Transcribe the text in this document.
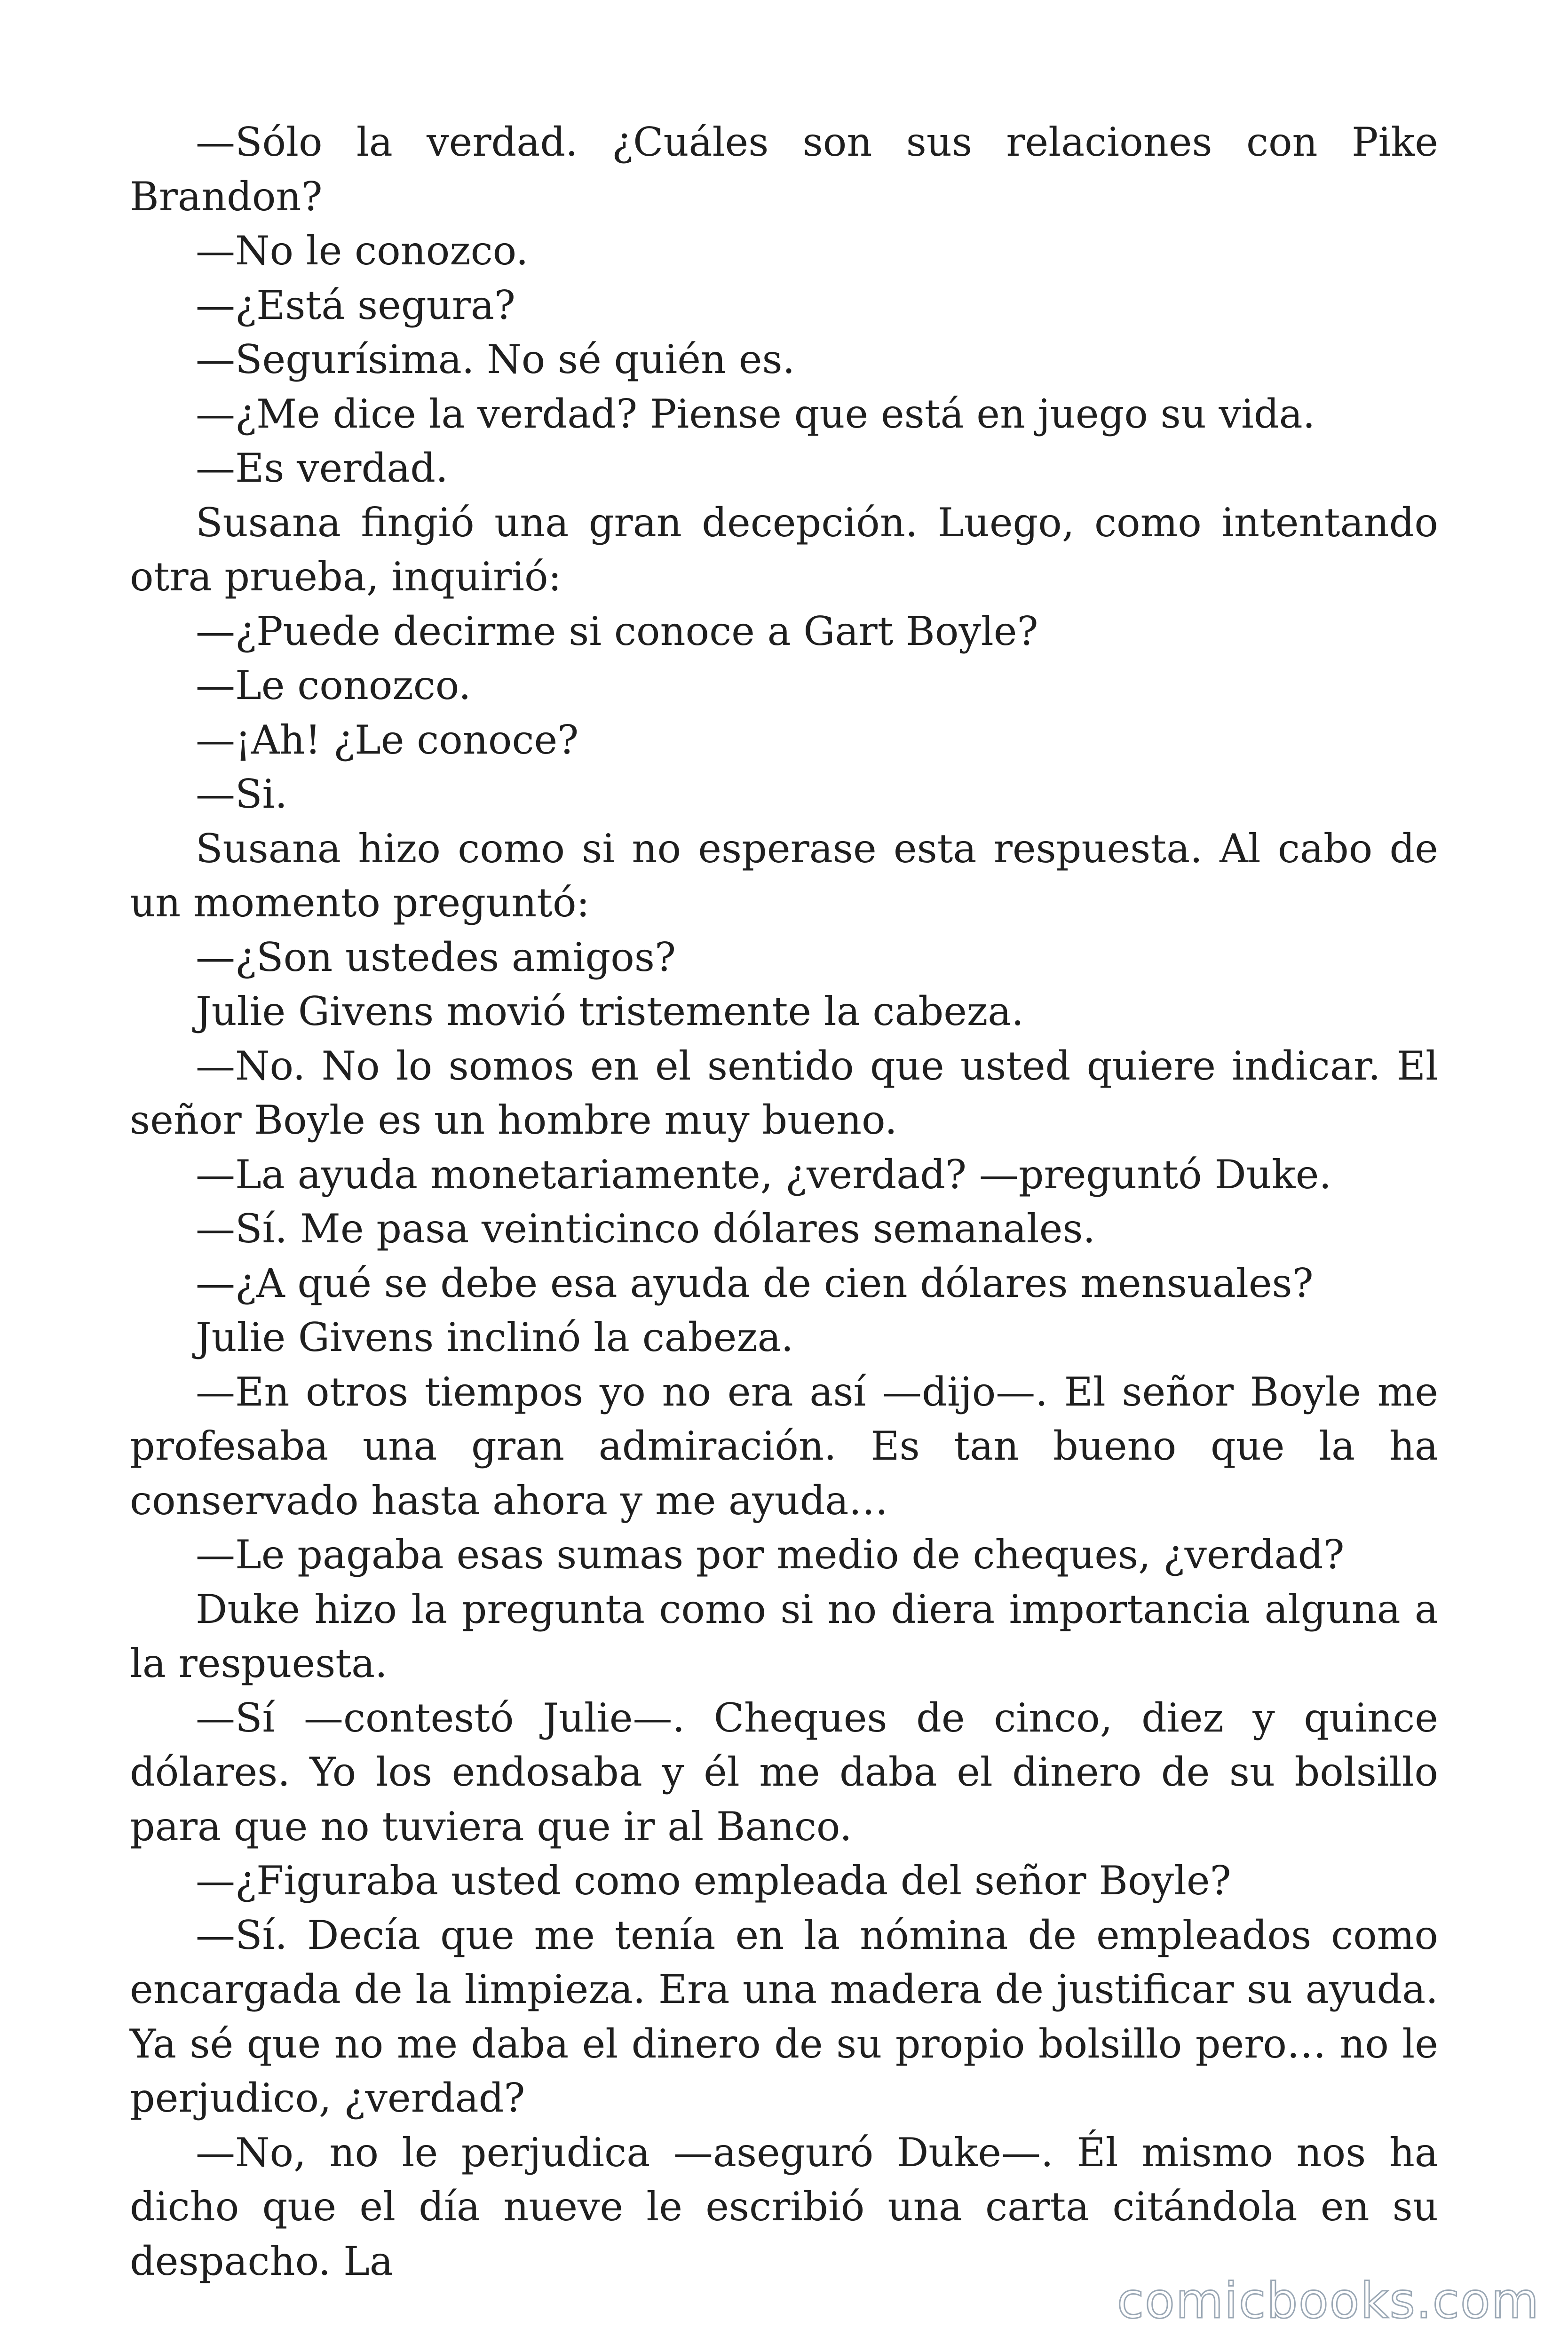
—Sólo la verdad. ¿Cuáles son sus relaciones con Pike Brandon?

—No le conozco.

—¿Está segura?

—Segurísima. No sé quién es.

—¿Me dice la verdad? Piense que está en juego su vida.

—Es verdad.

Susana fingió una gran decepción. Luego, como intentando otra prueba, inquirió:

—¿Puede decirme si conoce a Gart Boyle?

—Le conozco.

—¡Ah! ¿Le conoce?

—Si.

Susana hizo como si no esperase esta respuesta. Al cabo de un momento preguntó:

—¿Son ustedes amigos?

Julie Givens movió tristemente la cabeza.

—No. No lo somos en el sentido que usted quiere indicar. El señor Boyle es un hombre muy bueno.

—La ayuda monetariamente, ¿verdad? —preguntó Duke.

—Sí. Me pasa veinticinco dólares semanales.

—¿A qué se debe esa ayuda de cien dólares mensuales?

Julie Givens inclinó la cabeza.

—En otros tiempos yo no era así —dijo—. El señor Boyle me profesaba una gran admiración. Es tan bueno que la ha conservado hasta ahora y me ayuda…

—Le pagaba esas sumas por medio de cheques, ¿verdad?

Duke hizo la pregunta como si no diera importancia alguna a la respuesta.

—Sí —contestó Julie—. Cheques de cinco, diez y quince dólares. Yo los endosaba y él me daba el dinero de su bolsillo para que no tuviera que ir al Banco.

—¿Figuraba usted como empleada del señor Boyle?

—Sí. Decía que me tenía en la nómina de empleados como encargada de la limpieza. Era una madera de justificar su ayuda. Ya sé que no me daba el dinero de su propio bolsillo pero… no le perjudico, ¿verdad?

—No, no le perjudica —aseguró Duke—. Él mismo nos ha dicho que el día nueve le escribió una carta citándola en su despacho. La

comicbooks.com
